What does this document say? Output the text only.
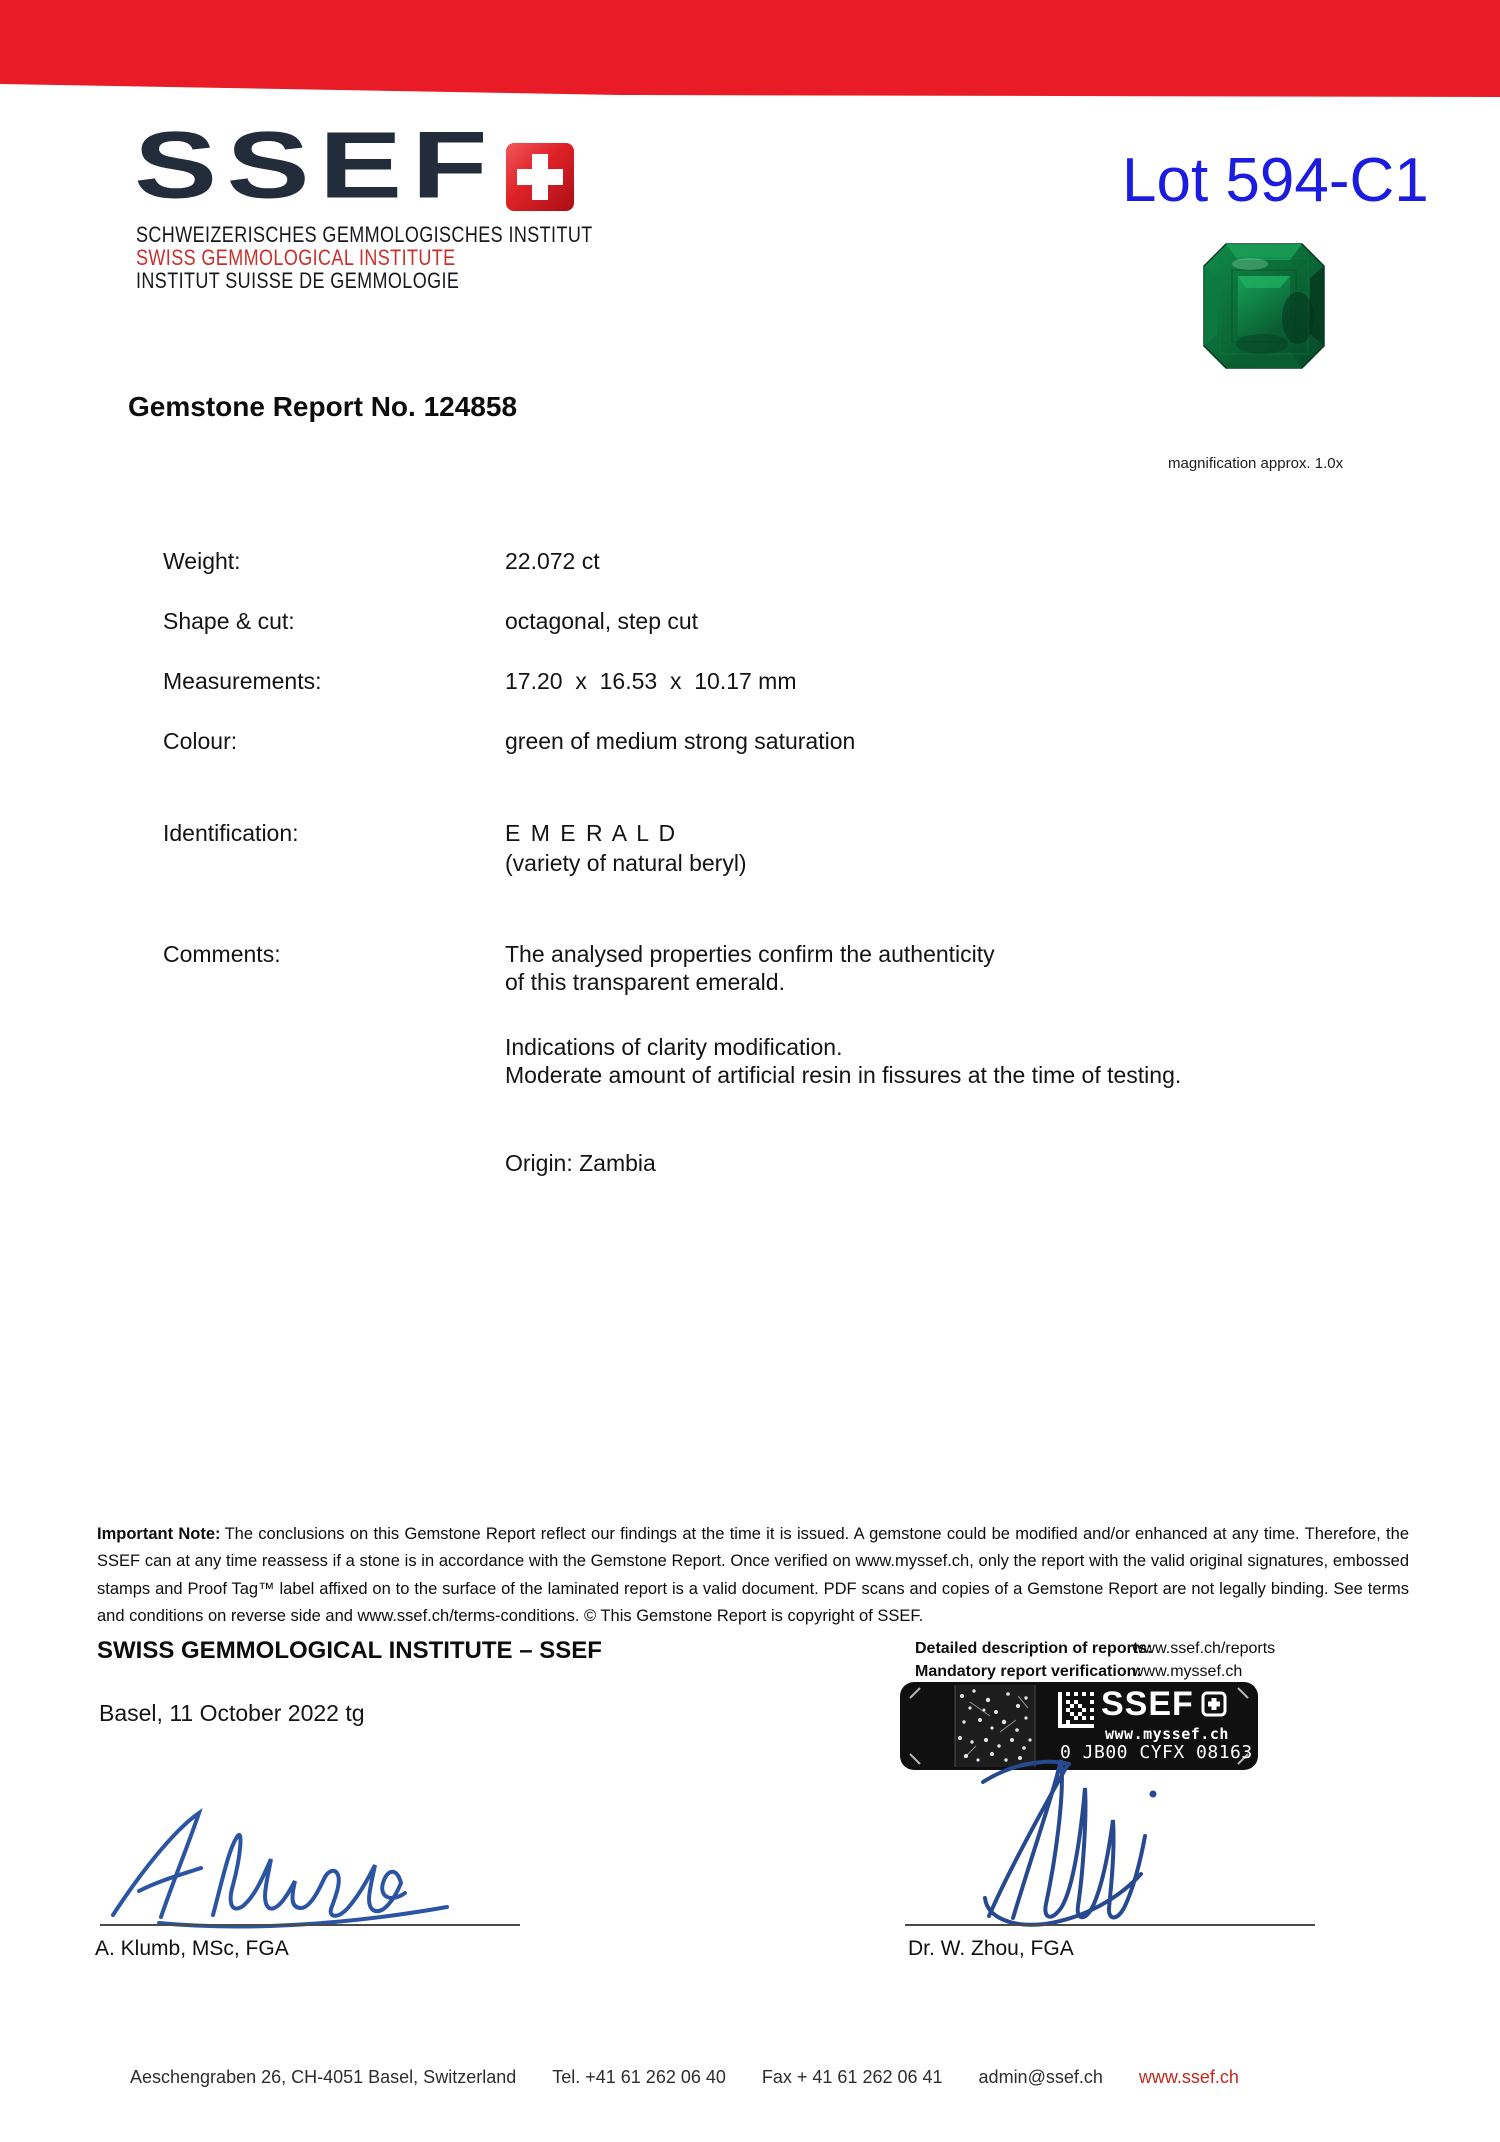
SSEF
SCHWEIZERISCHES GEMMOLOGISCHES INSTITUT
SWISS GEMMOLOGICAL INSTITUTE
INSTITUT SUISSE DE GEMMOLOGIE
Lot 594-C1
magnification approx. 1.0x
Gemstone Report No. 124858

Weight:

	22.072 ct

Shape & cut:

	octagonal, step cut

Measurements:

	17.20  x  16.53  x  10.17 mm

Colour:

	green of medium strong saturation

Identification:

	E M E R A L D

(variety of natural beryl)

Comments:

	The analysed properties confirm the authenticity

of this transparent emerald.

Indications of clarity modification.

Moderate amount of artificial resin in fissures at the time of testing.

Origin: Zambia

Important Note: The conclusions on this Gemstone Report reflect our findings at the time it is issued. A gemstone could be modified and/or enhanced at any time. Therefore, the SSEF can at any time reassess if a stone is in accordance with the Gemstone Report. Once verified on www.myssef.ch, only the report with the valid original signatures, embossed stamps and Proof Tag™ label affixed on to the surface of the laminated report is a valid document. PDF scans and copies of a Gemstone Report are not legally binding. See terms and conditions on reverse side and www.ssef.ch/terms-conditions. © This Gemstone Report is copyright of SSEF.

SWISS GEMMOLOGICAL INSTITUTE – SSEF
Basel, 11 October 2022 tg
Detailed description of reports:
www.ssef.ch/reports
Mandatory report verification:
www.myssef.ch
SSEF
www.myssef.ch
0 JB00 CYFX 08163
A. Klumb, MSc, FGA	Dr. W. Zhou, FGA
Aeschengraben 26, CH-4051 Basel, Switzerland Tel. +41 61 262 06 40 Fax + 41 61 262 06 41 admin@ssef.ch www.ssef.ch
